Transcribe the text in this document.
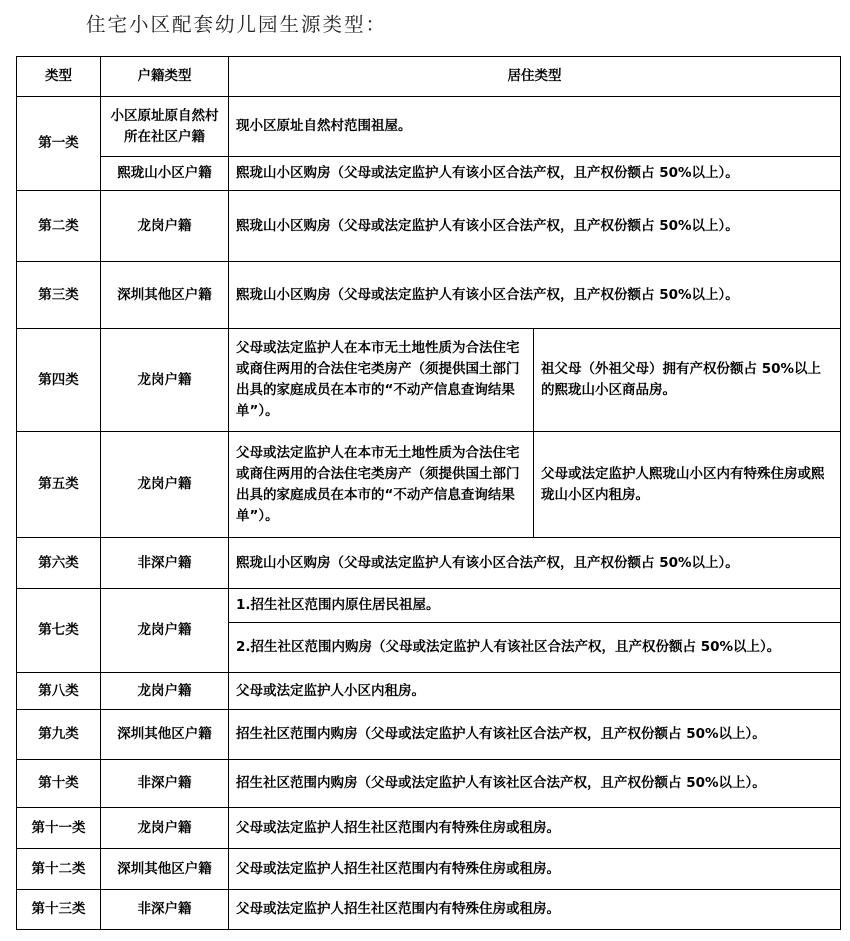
住宅小区配套幼儿园生源类型：
类型	户籍类型	居住类型	
第一类	小区原址原自然村所在社区户籍	现小区原址自然村范围祖屋。	
	熙珑山小区户籍	熙珑山小区购房（父母或法定监护人有该小区合法产权，且产权份额占 50%以上）。	
第二类	龙岗户籍	熙珑山小区购房（父母或法定监护人有该小区合法产权，且产权份额占 50%以上）。	
第三类	深圳其他区户籍	熙珑山小区购房（父母或法定监护人有该小区合法产权，且产权份额占 50%以上）。	
第四类	龙岗户籍	父母或法定监护人在本市无土地性质为合法住宅或商住两用的合法住宅类房产（须提供国土部门出具的家庭成员在本市的“不动产信息查询结果单”）。	祖父母（外祖父母）拥有产权份额占 50%以上的熙珑山小区商品房。
第五类	龙岗户籍	父母或法定监护人在本市无土地性质为合法住宅或商住两用的合法住宅类房产（须提供国土部门出具的家庭成员在本市的“不动产信息查询结果单”）。	父母或法定监护人熙珑山小区内有特殊住房或熙珑山小区内租房。
第六类	非深户籍	熙珑山小区购房（父母或法定监护人有该小区合法产权，且产权份额占 50%以上）。	
第七类	龙岗户籍	1.招生社区范围内原住居民祖屋。	
		2.招生社区范围内购房（父母或法定监护人有该社区合法产权，且产权份额占 50%以上）。	
第八类	龙岗户籍	父母或法定监护人小区内租房。	
第九类	深圳其他区户籍	招生社区范围内购房（父母或法定监护人有该社区合法产权，且产权份额占 50%以上）。	
第十类	非深户籍	招生社区范围内购房（父母或法定监护人有该社区合法产权，且产权份额占 50%以上）。	
第十一类	龙岗户籍	父母或法定监护人招生社区范围内有特殊住房或租房。	
第十二类	深圳其他区户籍	父母或法定监护人招生社区范围内有特殊住房或租房。	
第十三类	非深户籍	父母或法定监护人招生社区范围内有特殊住房或租房。	
